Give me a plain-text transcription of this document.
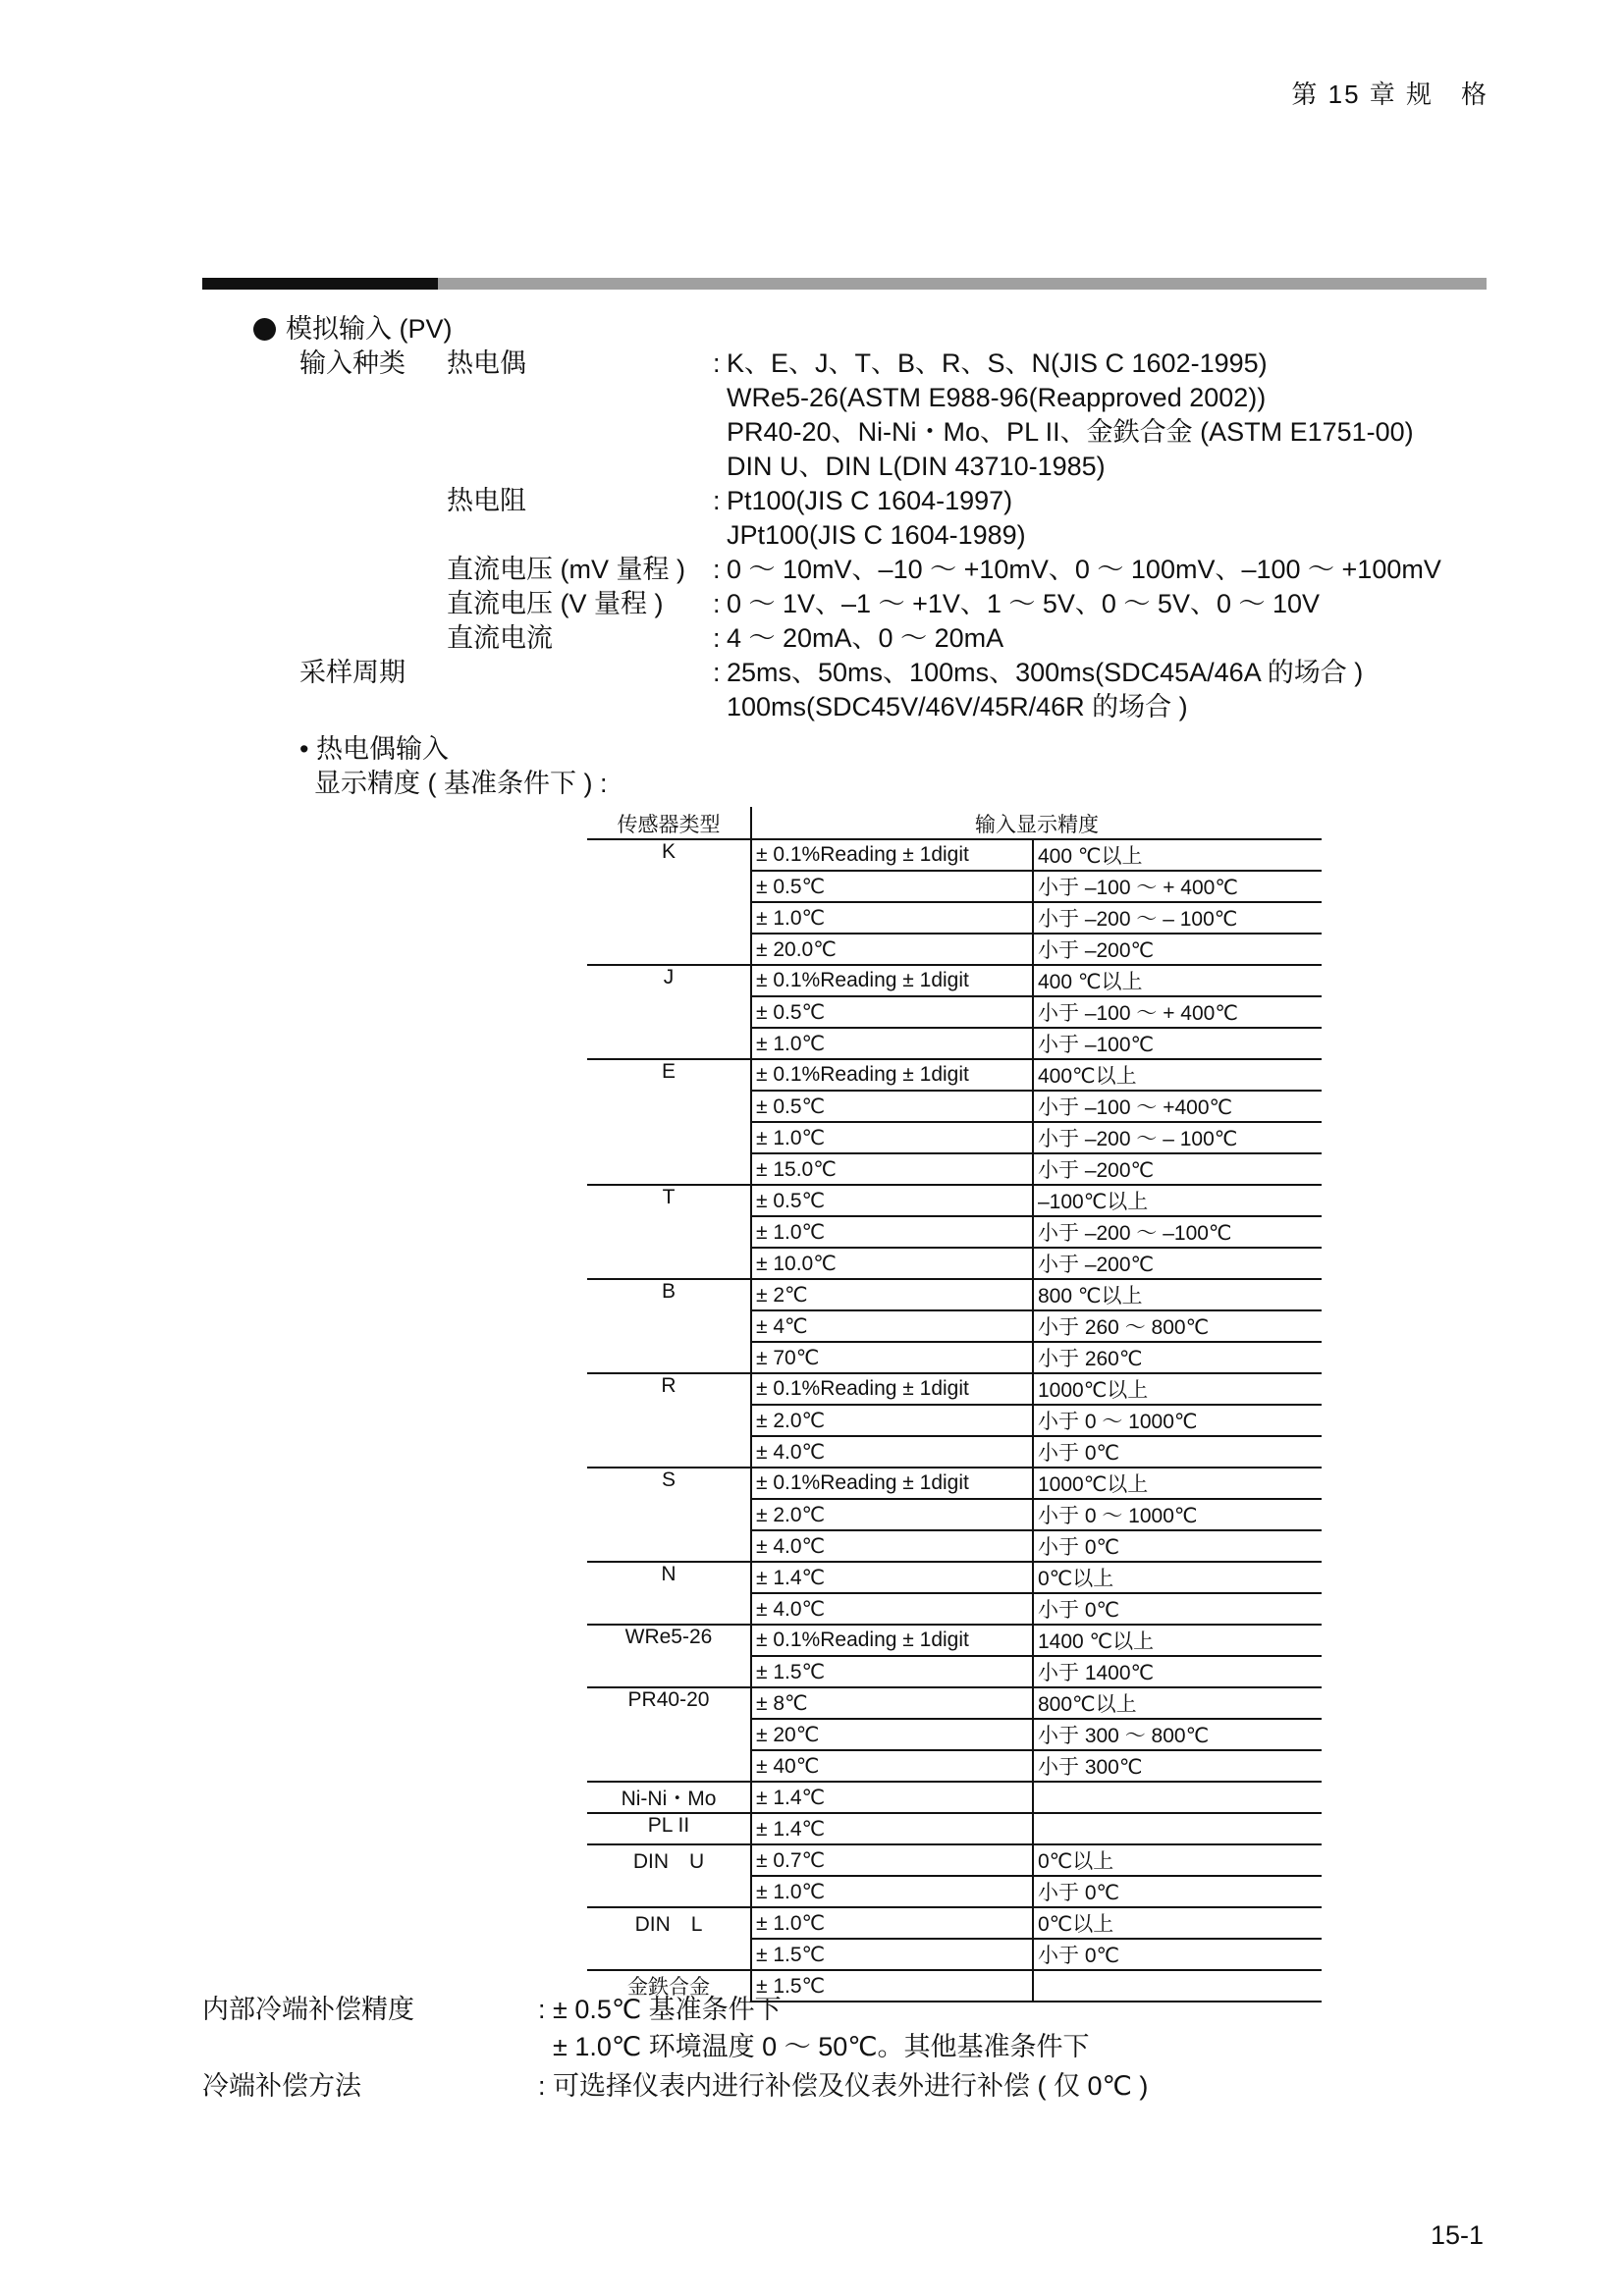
第 15 章 规　格
模拟输入 (PV)
输入种类 热电偶	: K、E、J、T、B、R、S、N(JIS C 1602-1995)
WRe5-26(ASTM E988-96(Reapproved 2002))
PR40-20、Ni-Ni・Mo、PL II、金鉄合金 (ASTM E1751-00)
DIN U、DIN L(DIN 43710-1985)
热电阻	: Pt100(JIS C 1604-1997)
JPt100(JIS C 1604-1989)
直流电压 (mV 量程 ) : 0 ～ 10mV、–10 ～ +10mV、0 ～ 100mV、–100 ～ +100mV
直流电压 (V 量程 ) : 0 ～ 1V、–1 ～ +1V、1 ～ 5V、0 ～ 5V、0 ～ 10V
直流电流	: 4 ～ 20mA、0 ～ 20mA
采样周期	: 25ms、50ms、100ms、300ms(SDC45A/46A 的场合 )
100ms(SDC45V/46V/45R/46R 的场合 )
• 热电偶输入
显示精度 ( 基准条件下 ) :
传感器类型	输入显示精度	
K	± 0.1%Reading ± 1digit	400 ℃以上
	± 0.5℃	小于 –100 ～ + 400℃
	± 1.0℃	小于 –200 ～ – 100℃
	± 20.0℃	小于 –200℃
J	± 0.1%Reading ± 1digit	400 ℃以上
	± 0.5℃	小于 –100 ～ + 400℃
	± 1.0℃	小于 –100℃
E	± 0.1%Reading ± 1digit	400℃以上
	± 0.5℃	小于 –100 ～ +400℃
	± 1.0℃	小于 –200 ～ – 100℃
	± 15.0℃	小于 –200℃
T	± 0.5℃	–100℃以上
	± 1.0℃	小于 –200 ～ –100℃
	± 10.0℃	小于 –200℃
B	± 2℃	800 ℃以上
	± 4℃	小于 260 ～ 800℃
	± 70℃	小于 260℃
R	± 0.1%Reading ± 1digit	1000℃以上
	± 2.0℃	小于 0 ～ 1000℃
	± 4.0℃	小于 0℃
S	± 0.1%Reading ± 1digit	1000℃以上
	± 2.0℃	小于 0 ～ 1000℃
	± 4.0℃	小于 0℃
N	± 1.4℃	0℃以上
	± 4.0℃	小于 0℃
WRe5-26	± 0.1%Reading ± 1digit	1400 ℃以上
	± 1.5℃	小于 1400℃
PR40-20	± 8℃	800℃以上
	± 20℃	小于 300 ～ 800℃
	± 40℃	小于 300℃
Ni-Ni・Mo	± 1.4℃	
PL II	± 1.4℃	
DIN　U	± 0.7℃	0℃以上
	± 1.0℃	小于 0℃
DIN　L	± 1.0℃	0℃以上
	± 1.5℃	小于 0℃
金鉄合金	± 1.5℃	
内部冷端补偿精度	: ± 0.5℃ 基准条件下
± 1.0℃ 环境温度 0 ～ 50℃。其他基准条件下
冷端补偿方法	: 可选择仪表内进行补偿及仪表外进行补偿 ( 仅 0℃ )
15-1
